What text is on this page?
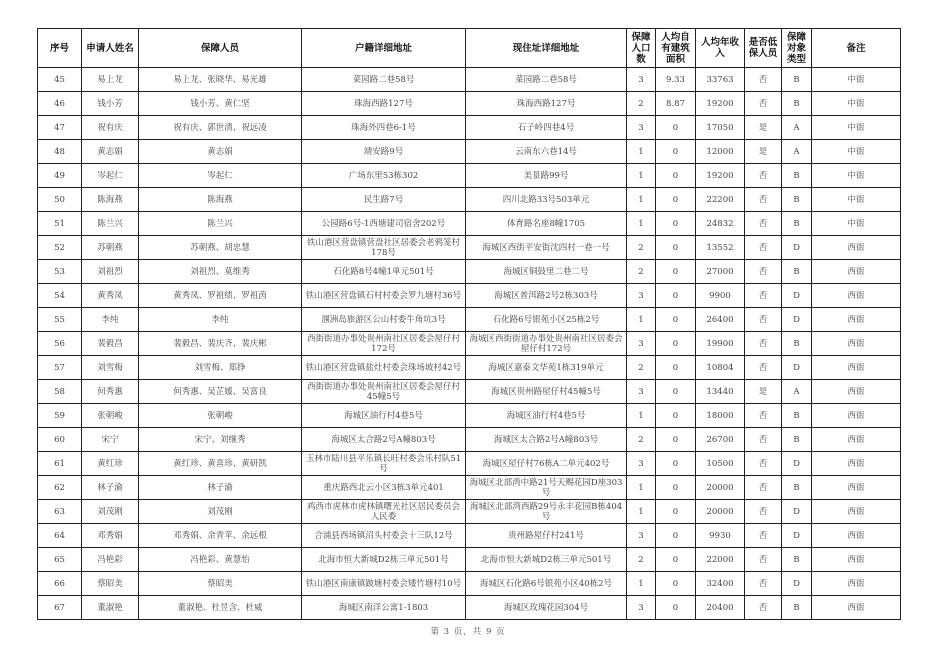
序号	申请人姓名	保障人员	户籍详细地址	现住址详细地址	保障人口数	人均自有建筑面积	人均年收入	是否低保人员	保障对象类型	备注
45	易上龙	易上龙、张晓华、易光雄	菜园路二巷58号	菜园路二巷58号	3	9.33	33763	否	B	中街
46	钱小芳	钱小芳、黄仁坚	珠海西路127号	珠海西路127号	2	8.87	19200	否	B	中街
47	祝有庆	祝有庆、郭世清、祝远凌	珠海外四巷6-1号	石子岭四巷4号	3	0	17050	是	A	中街
48	黄志娟	黄志娟	靖安路9号	云南东六巷14号	1	0	12000	是	A	中街
49	岑起仁	岑起仁	广场东里53栋302	美景路99号	1	0	19200	否	B	中街
50	陈海燕	陈海燕	民生路7号	四川北路33号503单元	1	0	22200	否	B	中街
51	陈兰兴	陈兰兴	公园路6号-1西塘建司宿舍202号	体育路名座8幢1705	1	0	24832	否	B	中街
52	苏朝燕	苏朝燕、胡忠慧	铁山港区营盘镇营盘社区居委会老鸦笼村178号	海城区西街平安街沈四村一巷一号	2	0	13552	否	D	西街
53	刘祖烈	刘祖烈、莫维秀	石化路8号4幢1单元501号	海城区铜鼓里二巷二号	2	0	27000	否	B	西街
54	黄秀凤	黄秀凤、罗祖绩、罗祖茵	铁山港区营盘镇石村村委会罗九塘村36号	海城区普洱路2号2栋303号	3	0	9900	否	D	西街
55	李纯	李纯	涠洲岛旅游区公山村委牛角坑3号	石化路6号银苑小区25栋2号	1	0	26400	否	D	西街
56	裴毅昌	裴毅昌、裴庆齐、裴庆彬	西街街道办事处贵州南社区居委会屋仔村172号	海城区西街街道办事处贵州南社区居委会屋仔村172号	3	0	19900	否	B	西街
57	刘雪梅	刘雪梅、郑铮	铁山港区营盘镇盐灶村委会珠场坡村42号	海城区嘉泰文华苑1栋319单元	2	0	10804	否	D	西街
58	何秀惠	何秀惠、吴芷媛、吴富良	西街街道办事处贵州南社区居委会屋仔村45幢5号	海城区贵州路屋仔村45幢5号	3	0	13440	是	A	西街
59	张朝峻	张朝峻	海城区油行村4巷5号	海城区油行村4巷5号	1	0	18000	否	B	西街
60	宋宁	宋宁、刘继秀	海城区太合路2号A幢803号	海城区太合路2号A幢803号	2	0	26700	否	B	西街
61	黄红珍	黄红珍、黄喜珍、黄研凯	玉林市陆川县平乐镇长旺村委会乐村队51号	海城区屋仔村76栋A二单元402号	3	0	10500	否	D	西街
62	林子渝	林子渝	重庆路西北云小区3栋3单元401	海城区北部湾中路21号天赐花园D座303号	1	0	20000	否	B	西街
63	刘茂刚	刘茂刚	鸡西市虎林市虎林镇曙光社区居民委员会人民委	海城区北部湾西路29号永丰花园B栋404号	1	0	20000	否	D	西街
64	邓秀娟	邓秀娟、余青苹、余远根	合浦县西场镇沼头村委会十三队12号	贵州路屋仔村241号	3	0	9930	否	D	西街
65	冯艳彩	冯艳彩、黄慧怡	北海市恒大新城D2栋三单元501号	北海市恒大新城D2栋三单元501号	2	0	22000	否	B	西街
66	蔡昭美	蔡昭美	铁山港区南康镇跛塘村委会矮竹塘村10号	海城区石化路6号银苑小区40栋2号	1	0	32400	否	D	西街
67	董淑艳	董淑艳、杜昱含、杜威	海城区南洋公寓1-1803	海城区玫瑰花园304号	3	0	20400	否	B	西街
第 3 页，共 9 页
